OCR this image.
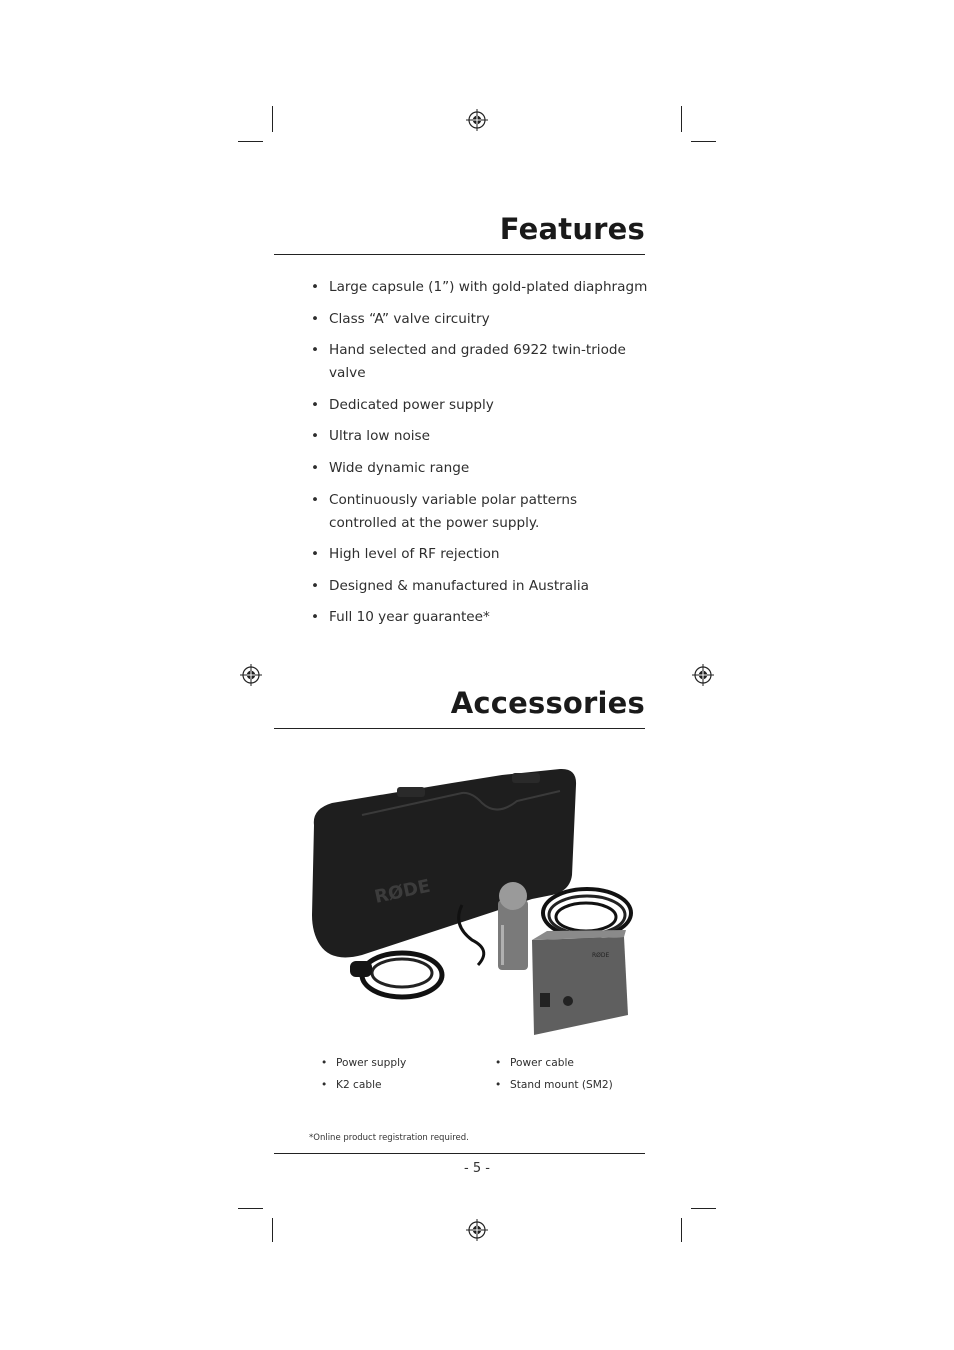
Features
• Large capsule (1”) with gold-plated diaphragm
• Class “A” valve circuitry
• Hand selected and graded 6922 twin-triode valve
• Dedicated power supply
• Ultra low noise
• Wide dynamic range
• Continuously variable polar patterns controlled at the power supply.
• High level of RF rejection
• Designed & manufactured in Australia
• Full 10 year guarantee*
Accessories
RØDE
RØDE
• Power supply
• K2 cable
• Power cable
• Stand mount (SM2)
*Online product registration required.
- 5 -
